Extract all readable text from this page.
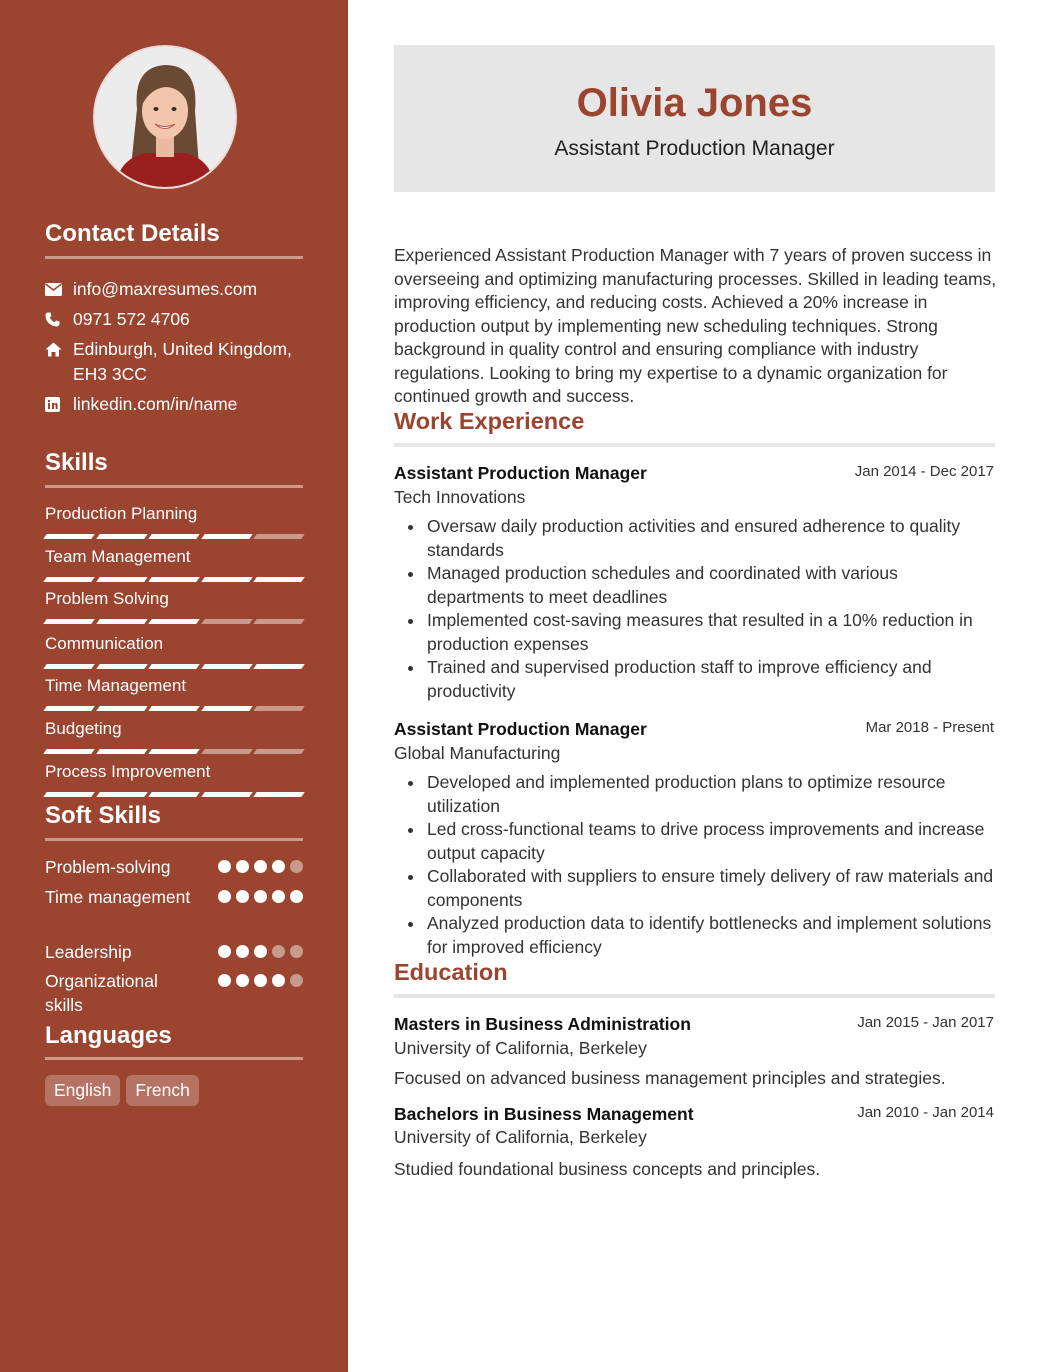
Contact Details
info@maxresumes.com
0971 572 4706
Edinburgh, United Kingdom, EH3 3CC
linkedin.com/in/name
Skills
Production Planning
Team Management
Problem Solving
Communication
Time Management
Budgeting
Process Improvement
Soft Skills
Problem-solving
Time management
Leadership
Organizational skills
Languages
English	French
Olivia Jones
Assistant Production Manager
Experienced Assistant Production Manager with 7 years of proven success in overseeing and optimizing manufacturing processes. Skilled in leading teams, improving efficiency, and reducing costs. Achieved a 20% increase in production output by implementing new scheduling techniques. Strong background in quality control and ensuring compliance with industry regulations. Looking to bring my expertise to a dynamic organization for continued growth and success.
Work Experience
Assistant Production Manager	Jan 2014 - Dec 2017
Tech Innovations
Oversaw daily production activities and ensured adherence to quality standards
Managed production schedules and coordinated with various departments to meet deadlines
Implemented cost-saving measures that resulted in a 10% reduction in production expenses
Trained and supervised production staff to improve efficiency and productivity
Assistant Production Manager	Mar 2018 - Present
Global Manufacturing
Developed and implemented production plans to optimize resource utilization
Led cross-functional teams to drive process improvements and increase output capacity
Collaborated with suppliers to ensure timely delivery of raw materials and components
Analyzed production data to identify bottlenecks and implement solutions for improved efficiency
Education
Masters in Business Administration	Jan 2015 - Jan 2017
University of California, Berkeley
Focused on advanced business management principles and strategies.
Bachelors in Business Management	Jan 2010 - Jan 2014
University of California, Berkeley
Studied foundational business concepts and principles.
